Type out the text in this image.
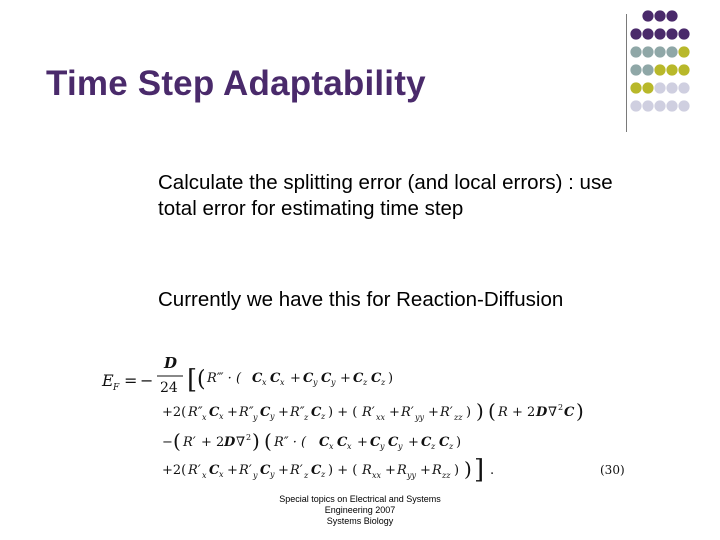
Time Step Adaptability

Calculate the splitting error (and local errors) : use total error for estimating time step

Currently we have this for Reaction-Diffusion

E F = −
D
24 [ ( R‴ · ( C x C x + C y C y + C z C z )
+2( R″ x C x + R″ y C y + R″ z C z ) + ( R′ xx + R′ yy + R′ zz ) ) ( R + 2 D ∇ 2 C )
− ( R′ + 2 D ∇ 2 ) ( R″ · ( C x C x + C y C y + C z C z )
+2( R′ x C x + R′ y C y + R′ z C z ) + ( R xx + R yy + R zz ) ) ] .	(30)
Special topics on Electrical and Systems
Engineering 2007
Systems Biology
